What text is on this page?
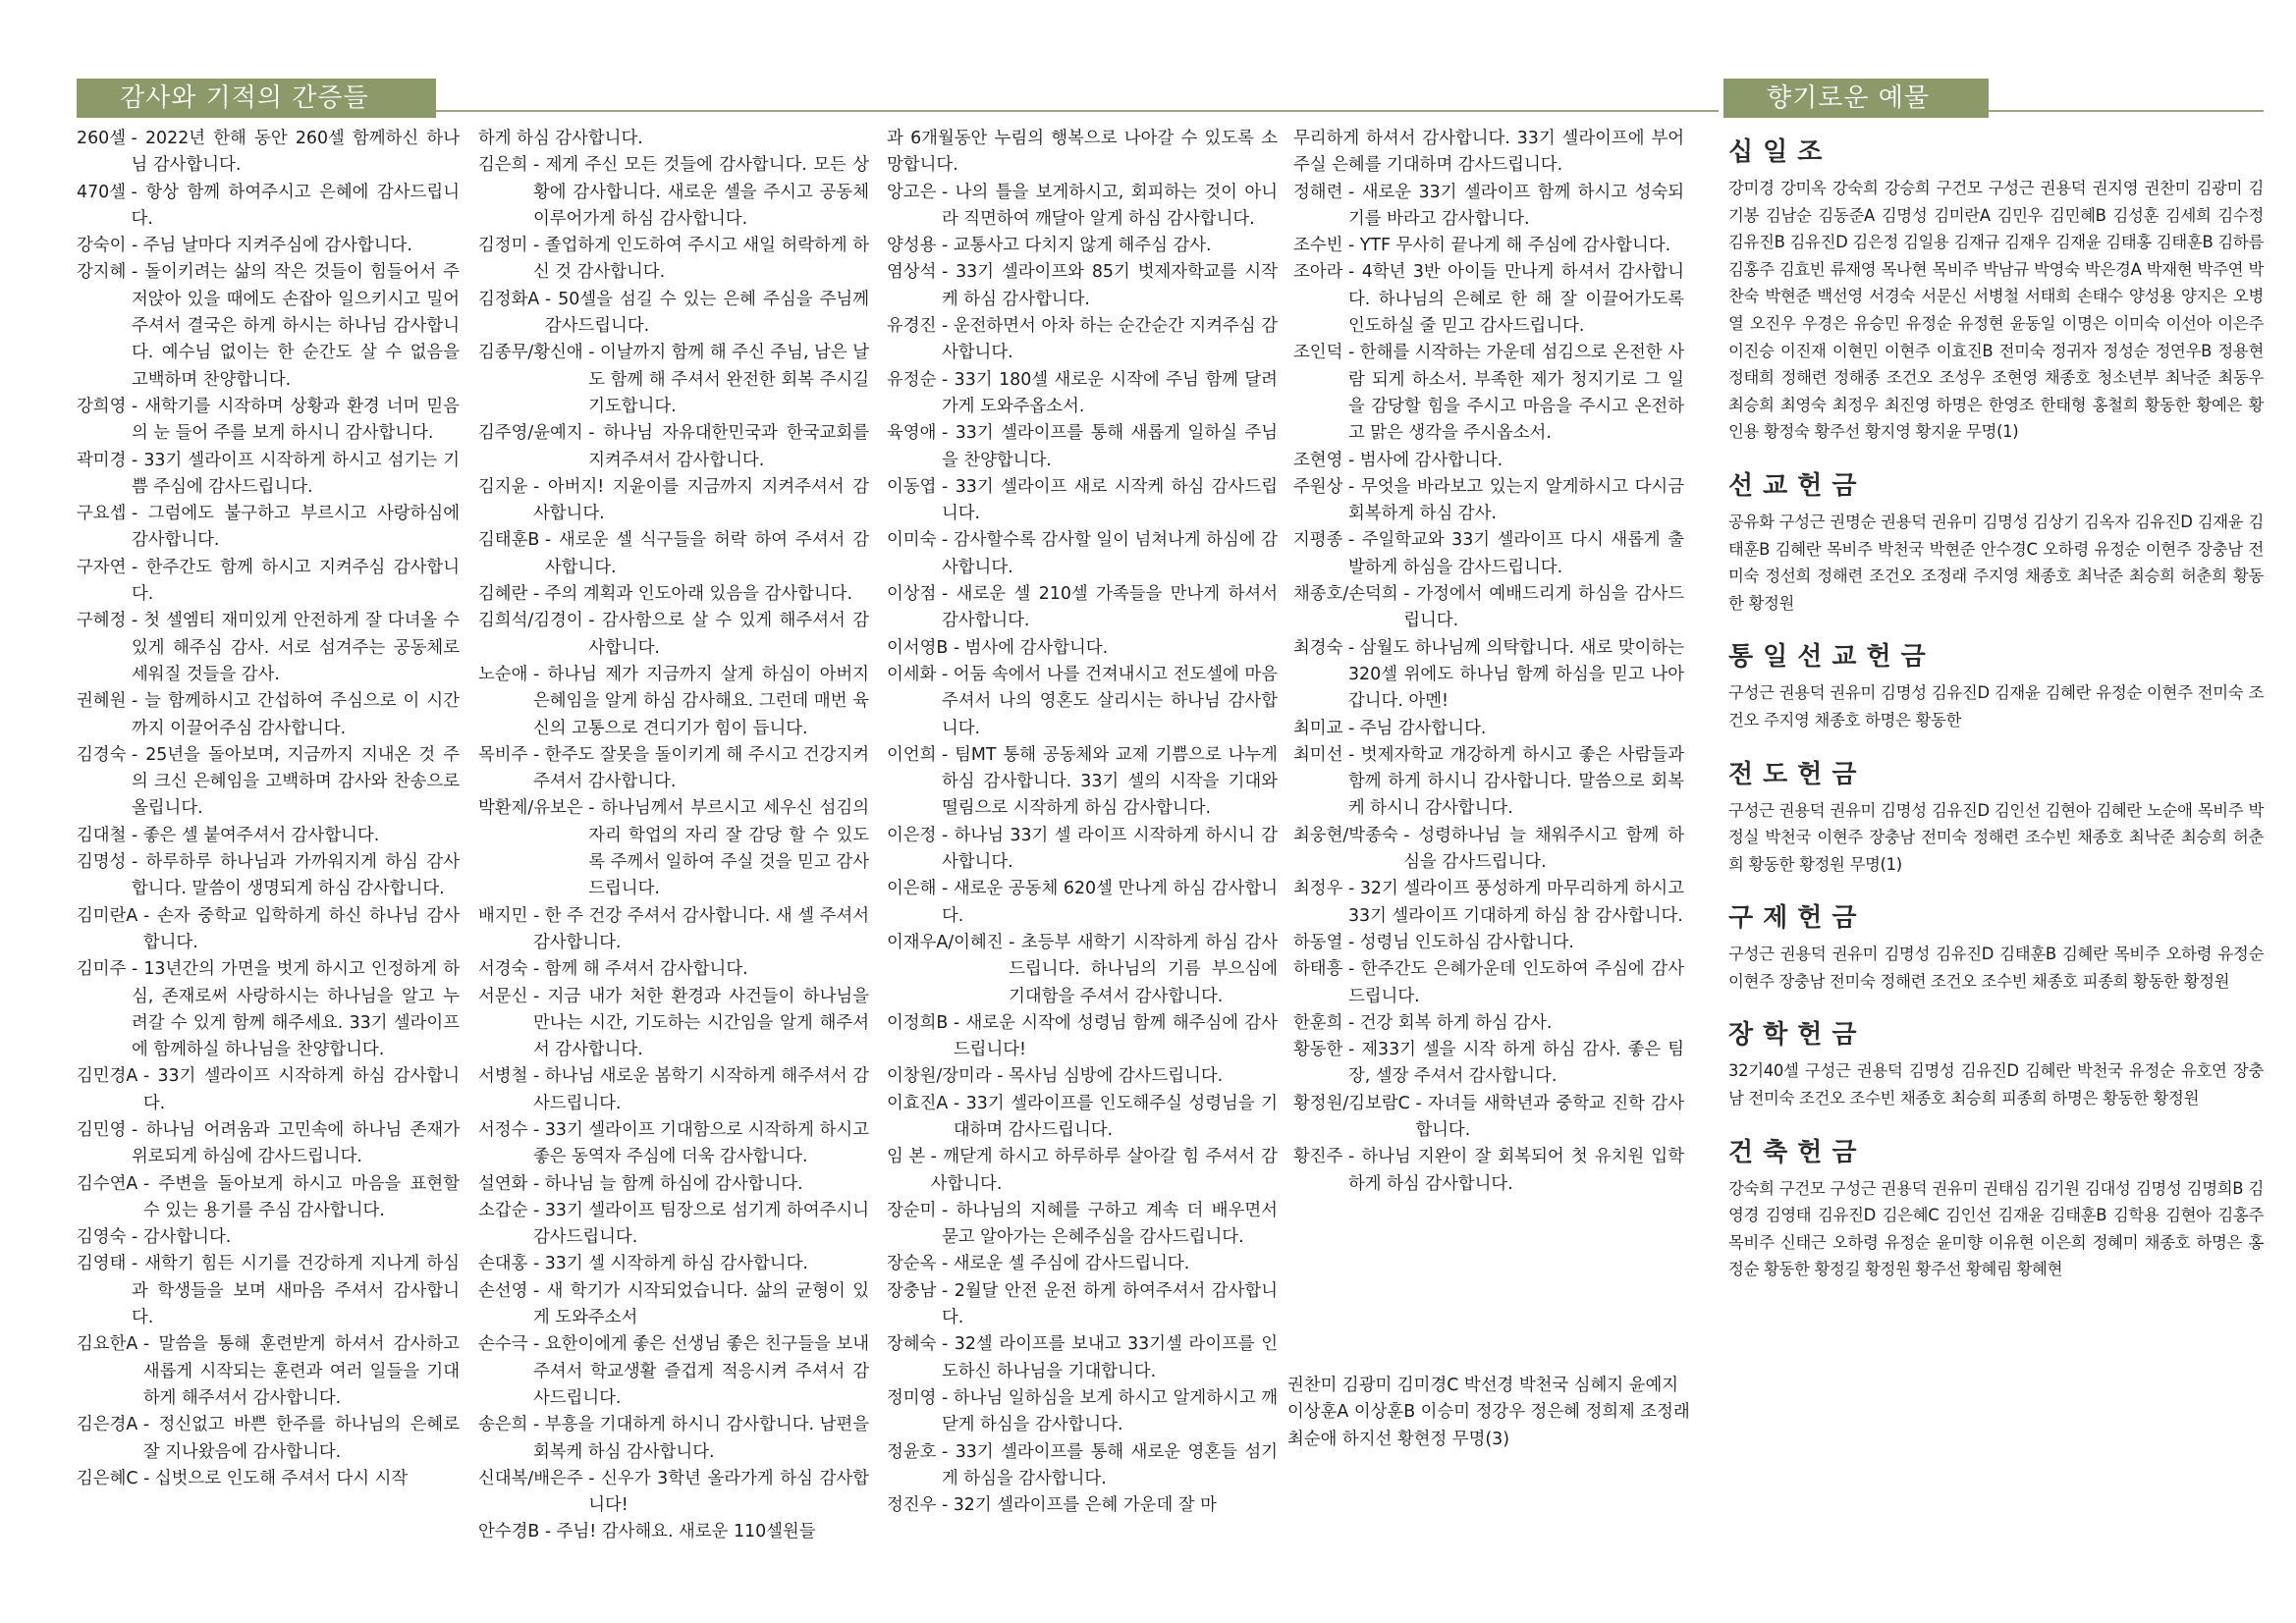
감사와 기적의 간증들	향기로운 예물
260셀 - 2022년 한해 동안 260셀 함께하신 하나님 감사합니다.
470셀 - 항상 함께 하여주시고 은혜에 감사드립니다.
강숙이 - 주님 날마다 지켜주심에 감사합니다.
강지혜 - 돌이키려는 삶의 작은 것들이 힘들어서 주저앉아 있을 때에도 손잡아 일으키시고 밀어주셔서 결국은 하게 하시는 하나님 감사합니다. 예수님 없이는 한 순간도 살 수 없음을 고백하며 찬양합니다.
강희영 - 새학기를 시작하며 상황과 환경 너머 믿음의 눈 들어 주를 보게 하시니 감사합니다.
곽미경 - 33기 셀라이프 시작하게 하시고 섬기는 기쁨 주심에 감사드립니다.
구요셉 - 그럼에도 불구하고 부르시고 사랑하심에 감사합니다.
구자연 - 한주간도 함께 하시고 지켜주심 감사합니다.
구혜정 - 첫 셀엠티 재미있게 안전하게 잘 다녀올 수 있게 해주심 감사. 서로 섬겨주는 공동체로 세워질 것들을 감사.
권혜원 - 늘 함께하시고 간섭하여 주심으로 이 시간까지 이끌어주심 감사합니다.
김경숙 - 25년을 돌아보며, 지금까지 지내온 것 주의 크신 은혜임을 고백하며 감사와 찬송으로 올립니다.
김대철 - 좋은 셀 붙여주셔서 감사합니다.
김명성 - 하루하루 하나님과 가까워지게 하심 감사합니다. 말씀이 생명되게 하심 감사합니다.
김미란A - 손자 중학교 입학하게 하신 하나님 감사합니다.
김미주 - 13년간의 가면을 벗게 하시고 인정하게 하심, 존재로써 사랑하시는 하나님을 알고 누려갈 수 있게 함께 해주세요. 33기 셀라이프에 함께하실 하나님을 찬양합니다.
김민경A - 33기 셀라이프 시작하게 하심 감사합니다.
김민영 - 하나님 어려움과 고민속에 하나님 존재가 위로되게 하심에 감사드립니다.
김수연A - 주변을 돌아보게 하시고 마음을 표현할 수 있는 용기를 주심 감사합니다.
김영숙 - 감사합니다.
김영태 - 새학기 힘든 시기를 건강하게 지나게 하심과 학생들을 보며 새마음 주셔서 감사합니다.
김요한A - 말씀을 통해 훈련받게 하셔서 감사하고 새롭게 시작되는 훈련과 여러 일들을 기대 하게 해주셔서 감사합니다.
김은경A - 정신없고 바쁜 한주를 하나님의 은혜로 잘 지나왔음에 감사합니다.
김은혜C - 십벗으로 인도해 주셔서 다시 시작
하게 하심 감사합니다.
김은희 - 제게 주신 모든 것들에 감사합니다. 모든 상황에 감사합니다. 새로운 셀을 주시고 공동체 이루어가게 하심 감사합니다.
김정미 - 졸업하게 인도하여 주시고 새일 허락하게 하신 것 감사합니다.
김정화A - 50셀을 섬길 수 있는 은혜 주심을 주님께 감사드립니다.
김종무/황신애 - 이날까지 함께 해 주신 주님, 남은 날도 함께 해 주셔서 완전한 회복 주시길 기도합니다.
김주영/윤예지 - 하나님 자유대한민국과 한국교회를 지켜주셔서 감사합니다.
김지윤 - 아버지! 지윤이를 지금까지 지켜주셔서 감사합니다.
김태훈B - 새로운 셀 식구들을 허락 하여 주셔서 감사합니다.
김혜란 - 주의 계획과 인도아래 있음을 감사합니다.
김희석/김경이 - 감사함으로 살 수 있게 해주셔서 감사합니다.
노순애 - 하나님 제가 지금까지 살게 하심이 아버지 은혜임을 알게 하심 감사해요. 그런데 매번 육신의 고통으로 견디기가 힘이 듭니다.
목비주 - 한주도 잘못을 돌이키게 해 주시고 건강지켜 주셔서 감사합니다.
박환제/유보은 - 하나님께서 부르시고 세우신 섬김의 자리 학업의 자리 잘 감당 할 수 있도록 주께서 일하여 주실 것을 믿고 감사드립니다.
배지민 - 한 주 건강 주셔서 감사합니다. 새 셀 주셔서 감사합니다.
서경숙 - 함께 해 주셔서 감사합니다.
서문신 - 지금 내가 처한 환경과 사건들이 하나님을 만나는 시간, 기도하는 시간임을 알게 해주셔서 감사합니다.
서병철 - 하나님 새로운 봄학기 시작하게 해주셔서 감사드립니다.
서정수 - 33기 셀라이프 기대함으로 시작하게 하시고 좋은 동역자 주심에 더욱 감사합니다.
설연화 - 하나님 늘 함께 하심에 감사합니다.
소갑순 - 33기 셀라이프 팀장으로 섬기게 하여주시니 감사드립니다.
손대홍 - 33기 셀 시작하게 하심 감사합니다.
손선영 - 새 학기가 시작되었습니다. 삶의 균형이 있게 도와주소서
손수극 - 요한이에게 좋은 선생님 좋은 친구들을 보내주셔서 학교생활 즐겁게 적응시켜 주셔서 감사드립니다.
송은희 - 부흥을 기대하게 하시니 감사합니다. 남편을 회복케 하심 감사합니다.
신대복/배은주 - 신우가 3학년 올라가게 하심 감사합니다!
안수경B - 주님! 감사해요. 새로운 110셀원들
과 6개월동안 누림의 행복으로 나아갈 수 있도록 소망합니다.
앙고은 - 나의 틀을 보게하시고, 회피하는 것이 아니라 직면하여 깨달아 알게 하심 감사합니다.
양성용 - 교통사고 다치지 않게 해주심 감사.
염상석 - 33기 셀라이프와 85기 벗제자학교를 시작케 하심 감사합니다.
유경진 - 운전하면서 아차 하는 순간순간 지켜주심 감사합니다.
유정순 - 33기 180셀 새로운 시작에 주님 함께 달려가게 도와주옵소서.
육영애 - 33기 셀라이프를 통해 새롭게 일하실 주님을 찬양합니다.
이동엽 - 33기 셀라이프 새로 시작케 하심 감사드립니다.
이미숙 - 감사할수록 감사할 일이 넘쳐나게 하심에 감사합니다.
이상점 - 새로운 셀 210셀 가족들을 만나게 하셔서 감사합니다.
이서영B - 범사에 감사합니다.
이세화 - 어둠 속에서 나를 건져내시고 전도셀에 마음 주셔서 나의 영혼도 살리시는 하나님 감사합니다.
이언희 - 팀MT 통해 공동체와 교제 기쁨으로 나누게 하심 감사합니다. 33기 셀의 시작을 기대와 떨림으로 시작하게 하심 감사합니다.
이은정 - 하나님 33기 셀 라이프 시작하게 하시니 감사합니다.
이은해 - 새로운 공동체 620셀 만나게 하심 감사합니다.
이재우A/이혜진 - 초등부 새학기 시작하게 하심 감사드립니다. 하나님의 기름 부으심에 기대함을 주셔서 감사합니다.
이정희B - 새로운 시작에 성령님 함께 해주심에 감사드립니다!
이창원/장미라 - 목사님 심방에 감사드립니다.
이효진A - 33기 셀라이프를 인도해주실 성령님을 기대하며 감사드립니다.
임 본 - 깨닫게 하시고 하루하루 살아갈 힘 주셔서 감사합니다.
장순미 - 하나님의 지혜를 구하고 계속 더 배우면서 묻고 알아가는 은혜주심을 감사드립니다.
장순옥 - 새로운 셀 주심에 감사드립니다.
장충남 - 2월달 안전 운전 하게 하여주셔서 감사합니다.
장혜숙 - 32셀 라이프를 보내고 33기셀 라이프를 인도하신 하나님을 기대합니다.
정미영 - 하나님 일하심을 보게 하시고 알게하시고 깨닫게 하심을 감사합니다.
정윤호 - 33기 셀라이프를 통해 새로운 영혼들 섬기게 하심을 감사합니다.
정진우 - 32기 셀라이프를 은혜 가운데 잘 마
무리하게 하셔서 감사합니다. 33기 셀라이프에 부어주실 은혜를 기대하며 감사드립니다.
정해련 - 새로운 33기 셀라이프 함께 하시고 성숙되기를 바라고 감사합니다.
조수빈 - YTF 무사히 끝나게 해 주심에 감사합니다.
조아라 - 4학년 3반 아이들 만나게 하셔서 감사합니다. 하나님의 은혜로 한 해 잘 이끌어가도록 인도하실 줄 믿고 감사드립니다.
조인덕 - 한해를 시작하는 가운데 섬김으로 온전한 사람 되게 하소서. 부족한 제가 청지기로 그 일을 감당할 힘을 주시고 마음을 주시고 온전하고 맑은 생각을 주시옵소서.
조현영 - 범사에 감사합니다.
주원상 - 무엇을 바라보고 있는지 알게하시고 다시금 회복하게 하심 감사.
지평종 - 주일학교와 33기 셀라이프 다시 새롭게 출발하게 하심을 감사드립니다.
채종호/손덕희 - 가정에서 예배드리게 하심을 감사드립니다.
최경숙 - 삼월도 하나님께 의탁합니다. 새로 맞이하는 320셀 위에도 하나님 함께 하심을 믿고 나아갑니다. 아멘!
최미교 - 주님 감사합니다.
최미선 - 벗제자학교 개강하게 하시고 좋은 사람들과 함께 하게 하시니 감사합니다. 말씀으로 회복케 하시니 감사합니다.
최웅현/박종숙 - 성령하나님 늘 채워주시고 함께 하심을 감사드립니다.
최정우 - 32기 셀라이프 풍성하게 마무리하게 하시고 33기 셀라이프 기대하게 하심 참 감사합니다.
하동열 - 성령님 인도하심 감사합니다.
하태흥 - 한주간도 은혜가운데 인도하여 주심에 감사드립니다.
한훈희 - 건강 회복 하게 하심 감사.
황동한 - 제33기 셀을 시작 하게 하심 감사. 좋은 팀장, 셀장 주셔서 감사합니다.
황정원/김보람C - 자녀들 새학년과 중학교 진학 감사합니다.
황진주 - 하나님 지완이 잘 회복되어 첫 유치원 입학하게 하심 감사합니다.
권찬미 김광미 김미경C 박선경 박천국 심혜지 윤예지 이상훈A 이상훈B 이승미 정강우 정은혜 정희제 조정래 최순애 하지선 황현정 무명(3)
십일조
강미경 강미옥 강숙희 강승희 구건모 구성근 권용덕 권지영 권찬미 김광미 김기봉 김남순 김동준A 김명성 김미란A 김민우 김민혜B 김성훈 김세희 김수정 김유진B 김유진D 김은정 김일용 김재규 김재우 김재윤 김태홍 김태훈B 김하름 김홍주 김효빈 류재영 목나현 목비주 박남규 박영숙 박은경A 박재현 박주연 박찬숙 박현준 백선영 서경숙 서문신 서병철 서태희 손태수 양성용 양지은 오병열 오진우 우경은 유승민 유정순 유정현 윤동일 이명은 이미숙 이선아 이은주 이진승 이진재 이현민 이현주 이효진B 전미숙 정귀자 정성순 정연우B 정용현 정태희 정해련 정해종 조건오 조성우 조현영 채종호 청소년부 최낙준 최동우 최승희 최영숙 최정우 최진영 하명은 한영조 한태형 홍철희 황동한 황예은 황인용 황정숙 황주선 황지영 황지윤 무명(1)
선교헌금
공유화 구성근 권명순 권용덕 권유미 김명성 김상기 김옥자 김유진D 김재윤 김태훈B 김혜란 목비주 박천국 박현준 안수경C 오하령 유정순 이현주 장충남 전미숙 정선희 정해련 조건오 조정래 주지영 채종호 최낙준 최승희 허춘희 황동한 황정원
통일선교헌금
구성근 권용덕 권유미 김명성 김유진D 김재윤 김혜란 유정순 이현주 전미숙 조건오 주지영 채종호 하명은 황동한
전도헌금
구성근 권용덕 권유미 김명성 김유진D 김인선 김현아 김혜란 노순애 목비주 박정실 박천국 이현주 장충남 전미숙 정해련 조수빈 채종호 최낙준 최승희 허춘희 황동한 황정원 무명(1)
구제헌금
구성근 권용덕 권유미 김명성 김유진D 김태훈B 김혜란 목비주 오하령 유정순 이현주 장충남 전미숙 정해련 조건오 조수빈 채종호 피종희 황동한 황정원
장학헌금
32기40셀 구성근 권용덕 김명성 김유진D 김혜란 박천국 유정순 유호연 장충남 전미숙 조건오 조수빈 채종호 최승희 피종희 하명은 황동한 황정원
건축헌금
강숙희 구건모 구성근 권용덕 권유미 권태심 김기원 김대성 김명성 김명희B 김영경 김영태 김유진D 김은혜C 김인선 김재윤 김태훈B 김학용 김현아 김홍주 목비주 신태근 오하령 유정순 윤미향 이유현 이은희 정혜미 채종호 하명은 홍정순 황동한 황정길 황정원 황주선 황혜림 황혜현
